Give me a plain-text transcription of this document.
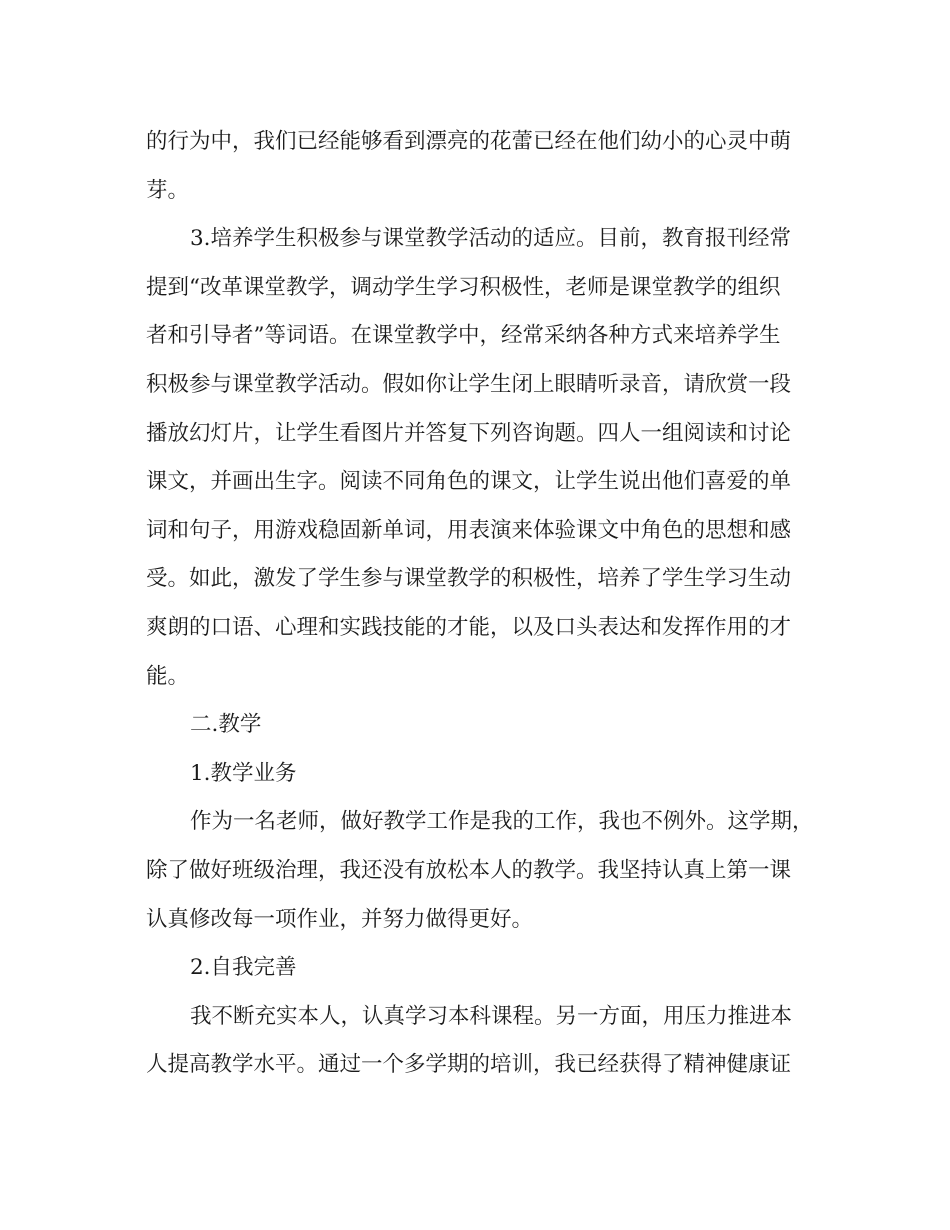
的行为中，我们已经能够看到漂亮的花蕾已经在他们幼小的心灵中萌
芽。
3.培养学生积极参与课堂教学活动的适应。目前，教育报刊经常
提到“改革课堂教学，调动学生学习积极性，老师是课堂教学的组织
者和引导者”等词语。在课堂教学中，经常采纳各种方式来培养学生
积极参与课堂教学活动。假如你让学生闭上眼睛听录音，请欣赏一段
播放幻灯片，让学生看图片并答复下列咨询题。四人一组阅读和讨论
课文，并画出生字。阅读不同角色的课文，让学生说出他们喜爱的单
词和句子，用游戏稳固新单词，用表演来体验课文中角色的思想和感
受。如此，激发了学生参与课堂教学的积极性，培养了学生学习生动
爽朗的口语、心理和实践技能的才能，以及口头表达和发挥作用的才
能。
二.教学
1.教学业务
作为一名老师，做好教学工作是我的工作，我也不例外。这学期，
除了做好班级治理，我还没有放松本人的教学。我坚持认真上第一课
认真修改每一项作业，并努力做得更好。
2.自我完善
我不断充实本人，认真学习本科课程。另一方面，用压力推进本
人提高教学水平。通过一个多学期的培训，我已经获得了精神健康证
